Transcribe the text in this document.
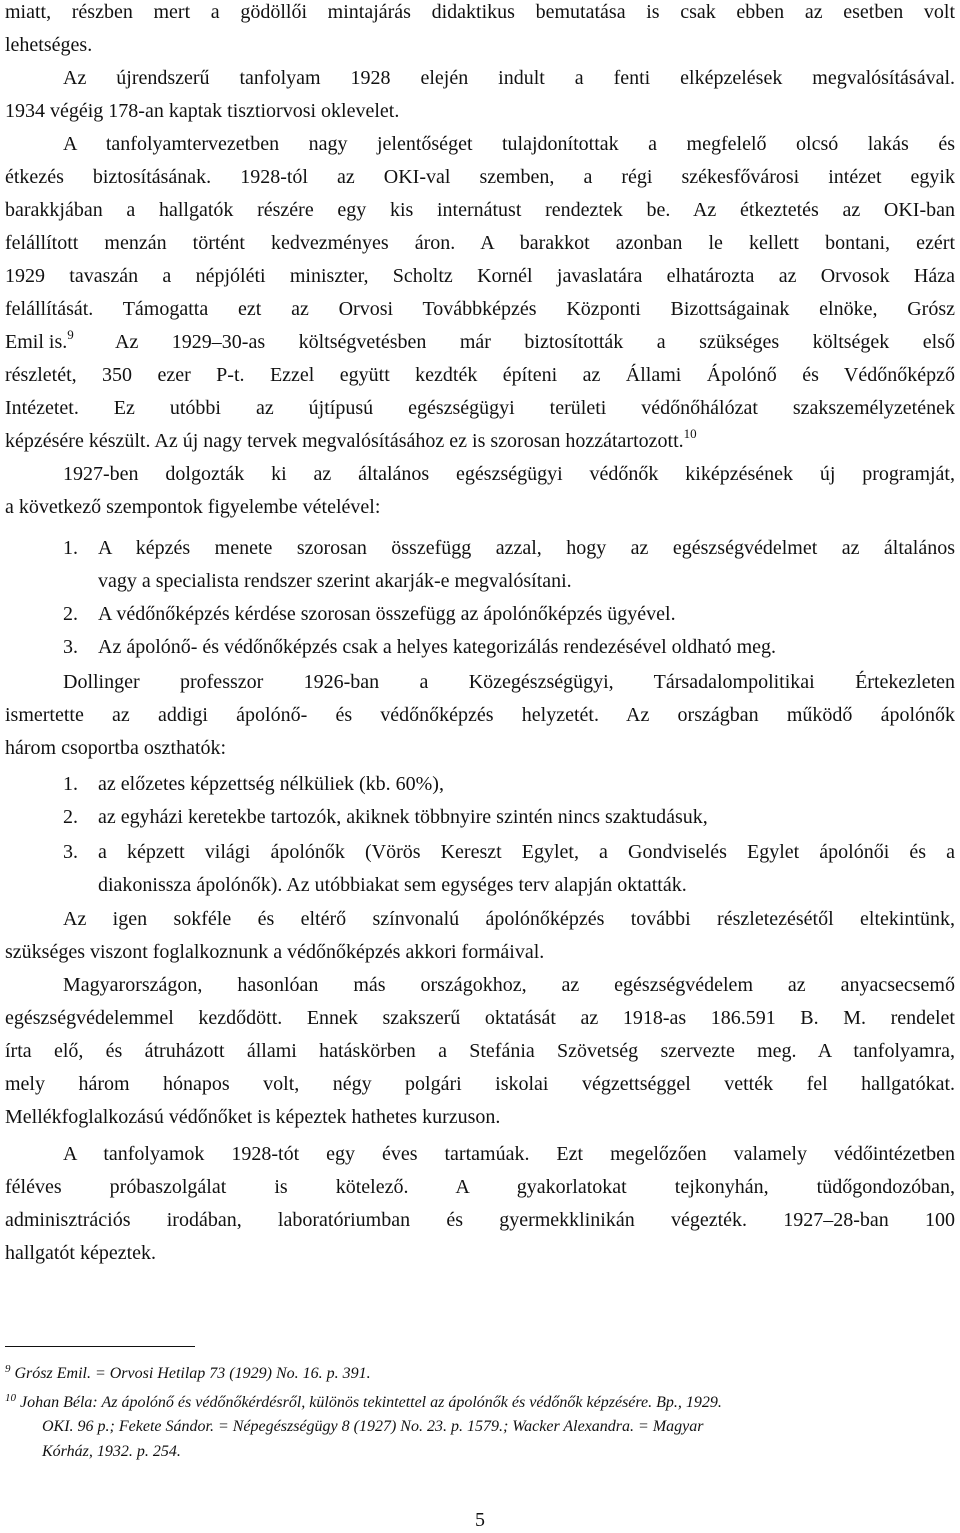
miatt, részben mert a gödöllői mintajárás didaktikus bemutatása is csak ebben az esetben volt
lehetséges.
Az újrendszerű tanfolyam 1928 elején indult a fenti elképzelések megvalósításával.
1934 végéig 178-an kaptak tisztiorvosi oklevelet.
A tanfolyamtervezetben nagy jelentőséget tulajdonítottak a megfelelő olcsó lakás és
étkezés biztosításának. 1928-tól az OKI-val szemben, a régi székesfővárosi intézet egyik
barakkjában a hallgatók részére egy kis internátust rendeztek be. Az étkeztetés az OKI-ban
felállított menzán történt kedvezményes áron. A barakkot azonban le kellett bontani, ezért
1929 tavaszán a népjóléti miniszter, Scholtz Kornél javaslatára elhatározta az Orvosok Háza
felállítását. Támogatta ezt az Orvosi Továbbképzés Központi Bizottságainak elnöke, Grósz
Emil is.$^9$ Az 1929–30-as költségvetésben már biztosították a szükséges költségek első
részletét, 350 ezer P-t. Ezzel együtt kezdték építeni az Állami Ápolónő és Védőnőképző
Intézetet. Ez utóbbi az újtípusú egészségügyi területi védőnőhálózat szakszemélyzetének
képzésére készült. Az új nagy tervek megvalósításához ez is szorosan hozzátartozott.$^{10}$
1927-ben dolgozták ki az általános egészségügyi védőnők kiképzésének új programját,
a következő szempontok figyelembe vételével:
1.	A képzés menete szorosan összefügg azzal, hogy az egészségvédelmet az általános
vagy a specialista rendszer szerint akarják-e megvalósítani.
2.	A védőnőképzés kérdése szorosan összefügg az ápolónőképzés ügyével.
3.	Az ápolónő- és védőnőképzés csak a helyes kategorizálás rendezésével oldható meg.
Dollinger professzor 1926-ban a Közegészségügyi, Társadalompolitikai Értekezleten
ismertette az addigi ápolónő- és védőnőképzés helyzetét. Az országban működő ápolónők
három csoportba oszthatók:
1.	az előzetes képzettség nélküliek (kb. 60%),
2.	az egyházi keretekbe tartozók, akiknek többnyire szintén nincs szaktudásuk,
3.	a képzett világi ápolónők (Vörös Kereszt Egylet, a Gondviselés Egylet ápolónői és a
diakonissza ápolónők). Az utóbbiakat sem egységes terv alapján oktatták.
Az igen sokféle és eltérő színvonalú ápolónőképzés további részletezésétől eltekintünk,
szükséges viszont foglalkoznunk a védőnőképzés akkori formáival.
Magyarországon, hasonlóan más országokhoz, az egészségvédelem az anyacsecsemő
egészségvédelemmel kezdődött. Ennek szakszerű oktatását az 1918-as 186.591 B. M. rendelet
írta elő, és átruházott állami hatáskörben a Stefánia Szövetség szervezte meg. A tanfolyamra,
mely három hónapos volt, négy polgári iskolai végzettséggel vették fel hallgatókat.
Mellékfoglalkozású védőnőket is képeztek hathetes kurzuson.
A tanfolyamok 1928-tót egy éves tartamúak. Ezt megelőzően valamely védőintézetben
féléves próbaszolgálat is kötelező. A gyakorlatokat tejkonyhán, tüdőgondozóban,
adminisztrációs irodában, laboratóriumban és gyermekklinikán végezték. 1927–28-ban 100
hallgatót képeztek.
$^9$ Grósz Emil. = Orvosi Hetilap 73 (1929) No. 16. p. 391.
$^{10}$ Johan Béla: Az ápolónő és védőnőkérdésről, különös tekintettel az ápolónők és védőnők képzésére. Bp., 1929.
OKI. 96 p.; Fekete Sándor. = Népegészségügy 8 (1927) No. 23. p. 1579.; Wacker Alexandra. = Magyar
Kórház, 1932. p. 254.
5
